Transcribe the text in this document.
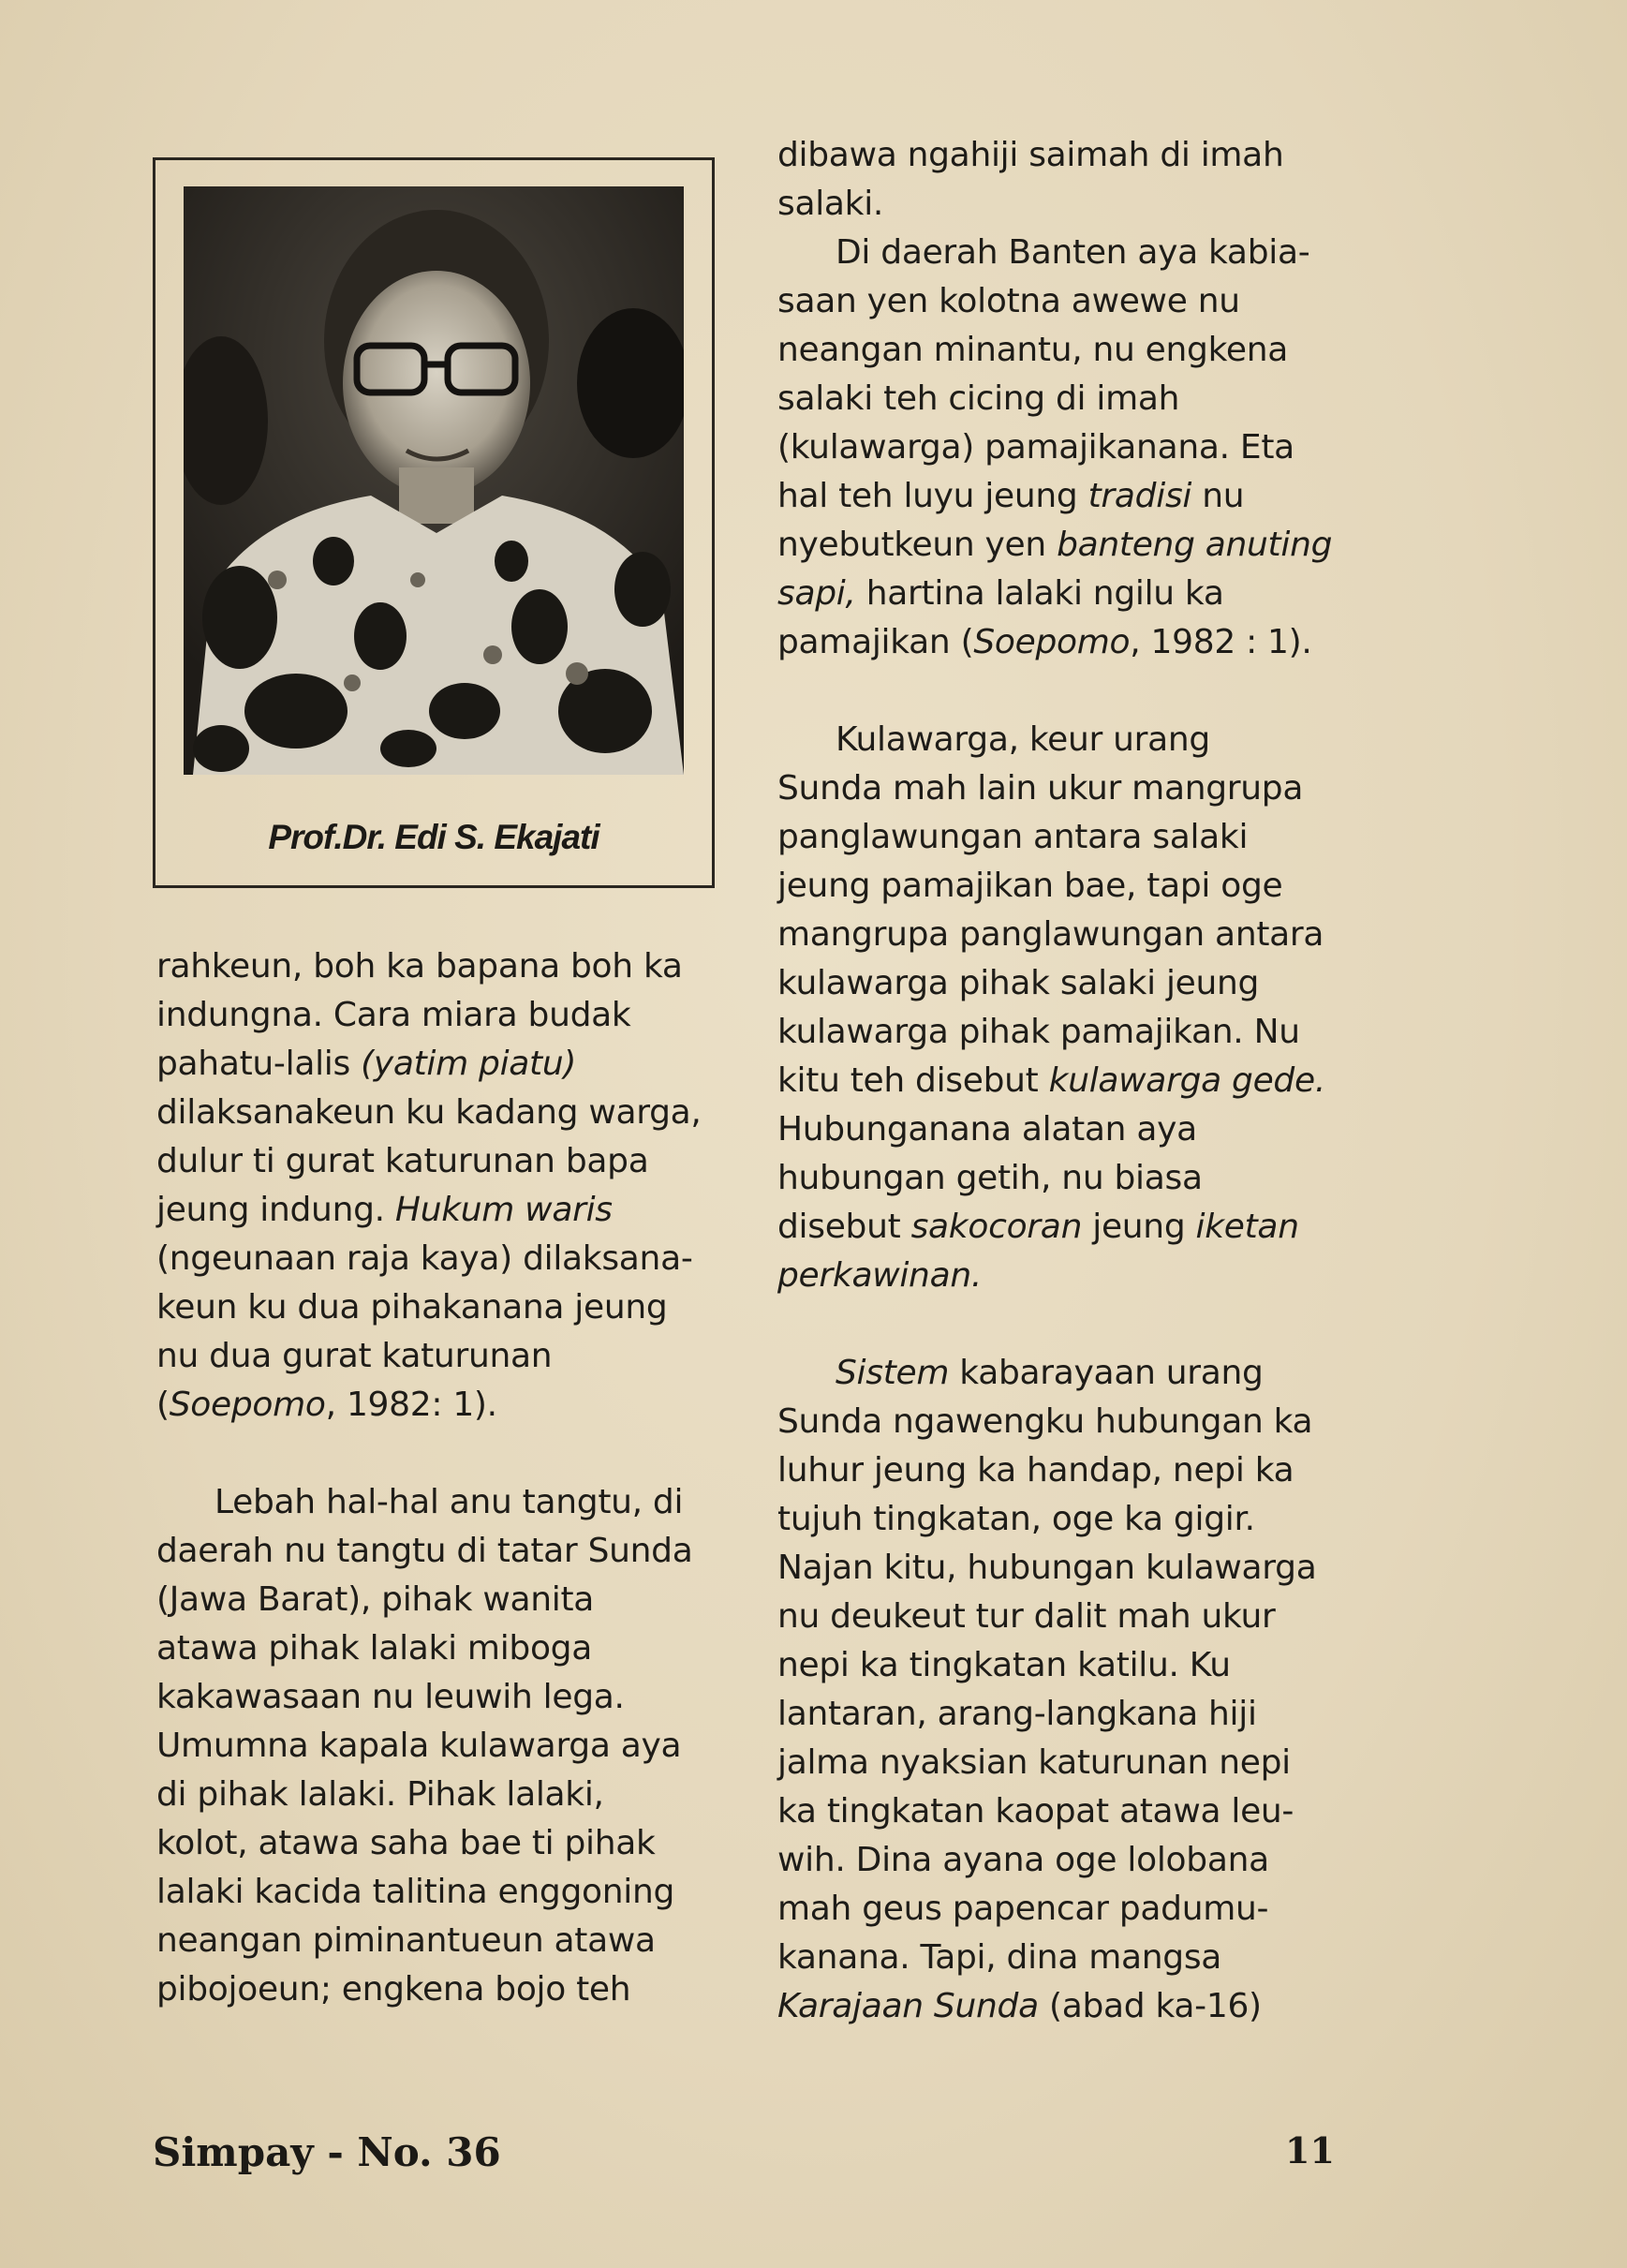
Prof.Dr. Edi S. Ekajati
rahkeun, boh ka bapana boh ka
indungna. Cara miara budak
pahatu-lalis (yatim piatu)
dilaksanakeun ku kadang warga,
dulur ti gurat katurunan bapa
jeung indung. Hukum waris
(ngeunaan raja kaya) dilaksana-
keun ku dua pihakanana jeung
nu dua gurat katurunan
(Soepomo, 1982: 1).
Lebah hal-hal anu tangtu, di
daerah nu tangtu di tatar Sunda
(Jawa Barat), pihak wanita
atawa pihak lalaki miboga
kakawasaan nu leuwih lega.
Umumna kapala kulawarga aya
di pihak lalaki. Pihak lalaki,
kolot, atawa saha bae ti pihak
lalaki kacida talitina enggoning
neangan piminantueun atawa
pibojoeun; engkena bojo teh
dibawa ngahiji saimah di imah
salaki.
Di daerah Banten aya kabia-
saan yen kolotna awewe nu
neangan minantu, nu engkena
salaki teh cicing di imah
(kulawarga) pamajikanana. Eta
hal teh luyu jeung tradisi nu
nyebutkeun yen banteng anuting
sapi, hartina lalaki ngilu ka
pamajikan (Soepomo, 1982 : 1).
Kulawarga, keur urang
Sunda mah lain ukur mangrupa
panglawungan antara salaki
jeung pamajikan bae, tapi oge
mangrupa panglawungan antara
kulawarga pihak salaki jeung
kulawarga pihak pamajikan. Nu
kitu teh disebut kulawarga gede.
Hubunganana alatan aya
hubungan getih, nu biasa
disebut sakocoran jeung iketan
perkawinan.
Sistem kabarayaan urang
Sunda ngawengku hubungan ka
luhur jeung ka handap, nepi ka
tujuh tingkatan, oge ka gigir.
Najan kitu, hubungan kulawarga
nu deukeut tur dalit mah ukur
nepi ka tingkatan katilu. Ku
lantaran, arang-langkana hiji
jalma nyaksian katurunan nepi
ka tingkatan kaopat atawa leu-
wih. Dina ayana oge lolobana
mah geus papencar padumu-
kanana. Tapi, dina mangsa
Karajaan Sunda (abad ka-16)
Simpay - No. 36	11
